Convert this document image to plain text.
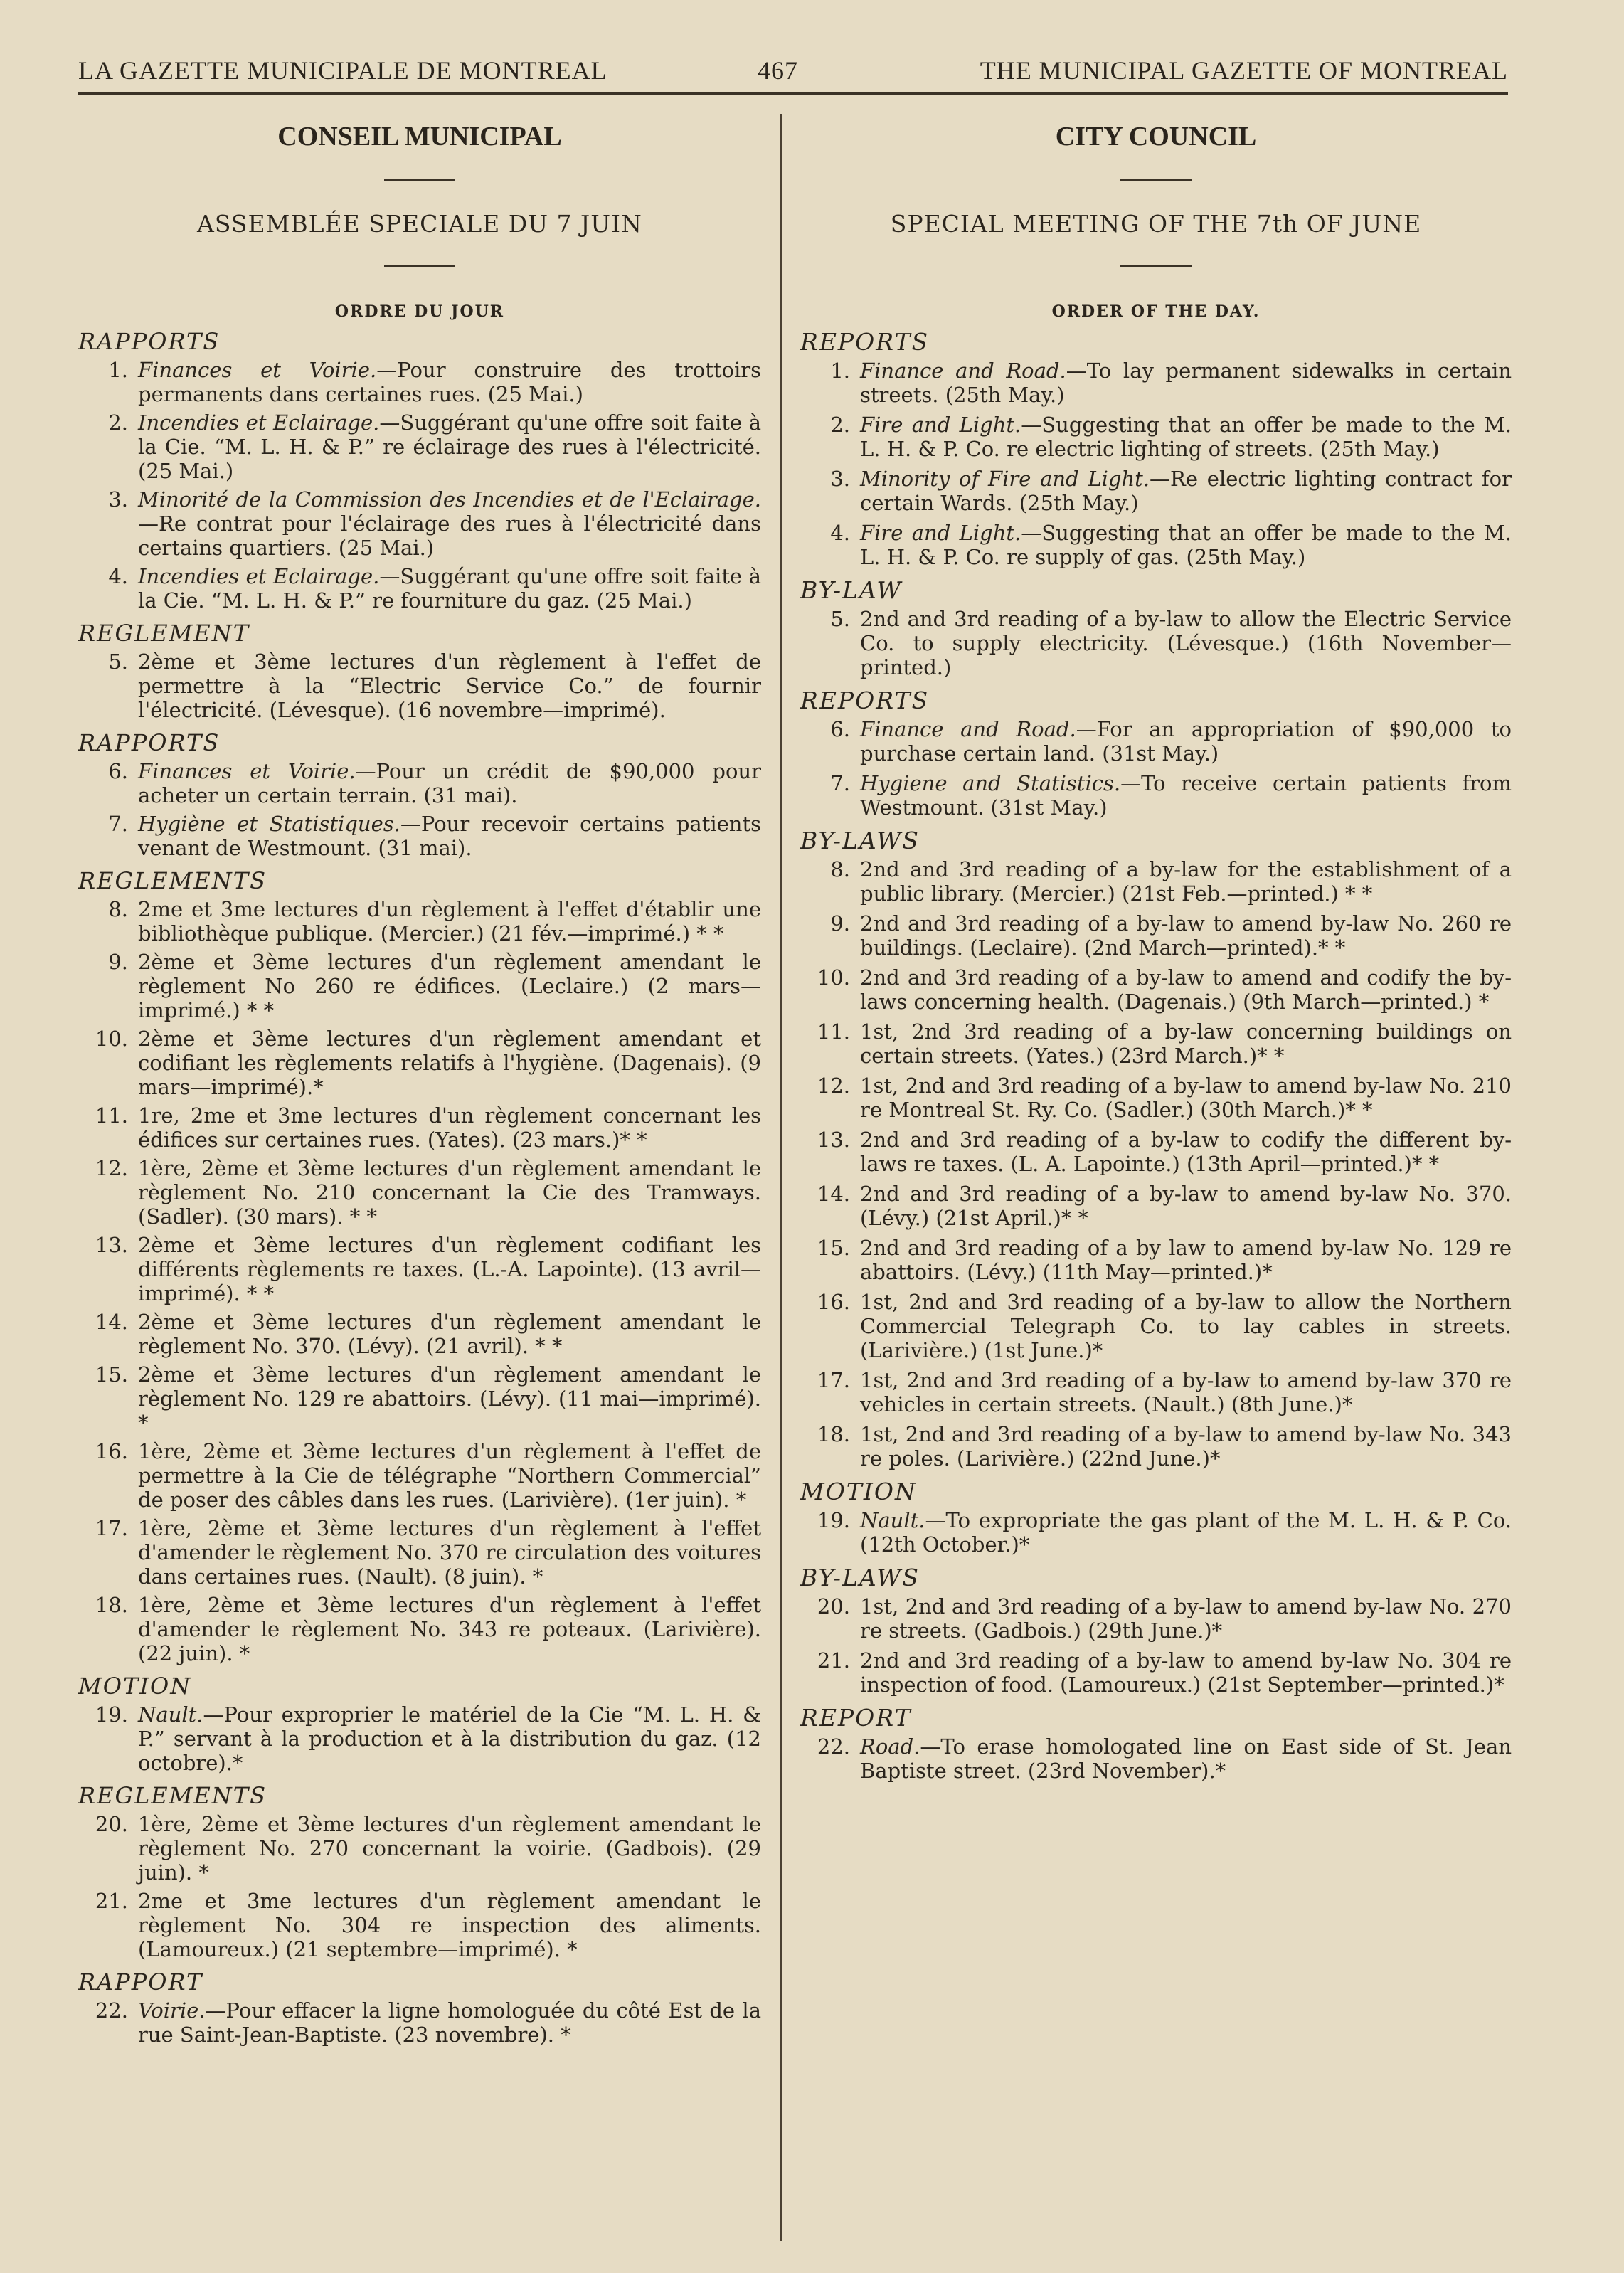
LA GAZETTE MUNICIPALE DE MONTREAL	467	THE MUNICIPAL GAZETTE OF MONTREAL
CONSEIL MUNICIPAL
ASSEMBLÉE SPECIALE DU 7 JUIN
ORDRE DU JOUR
RAPPORTS
1. Finances et Voirie.—Pour construire des trottoirs permanents dans certaines rues. (25 Mai.)
2. Incendies et Eclairage.—Suggérant qu'une offre soit faite à la Cie. “M. L. H. & P.” re éclairage des rues à l'électricité. (25 Mai.)
3. Minorité de la Commission des Incendies et de l'Eclairage.—Re contrat pour l'éclairage des rues à l'électricité dans certains quartiers. (25 Mai.)
4. Incendies et Eclairage.—Suggérant qu'une offre soit faite à la Cie. “M. L. H. & P.” re fourniture du gaz. (25 Mai.)
REGLEMENT
5. 2ème et 3ème lectures d'un règlement à l'effet de permettre à la “Electric Service Co.” de fournir l'électricité. (Lévesque). (16 novembre—imprimé).
RAPPORTS
6. Finances et Voirie.—Pour un crédit de $90,000 pour acheter un certain terrain. (31 mai).
7. Hygiène et Statistiques.—Pour recevoir certains patients venant de Westmount. (31 mai).
REGLEMENTS
8. 2me et 3me lectures d'un règlement à l'effet d'établir une bibliothèque publique. (Mercier.) (21 fév.—imprimé.) * *
9. 2ème et 3ème lectures d'un règlement amendant le règlement No 260 re édifices. (Leclaire.) (2 mars—imprimé.) * *
10. 2ème et 3ème lectures d'un règlement amendant et codifiant les règlements relatifs à l'hygiène. (Dagenais). (9 mars—imprimé).*
11. 1re, 2me et 3me lectures d'un règlement concernant les édifices sur certaines rues. (Yates). (23 mars.)* *
12. 1ère, 2ème et 3ème lectures d'un règlement amendant le règlement No. 210 concernant la Cie des Tramways. (Sadler). (30 mars). * *
13. 2ème et 3ème lectures d'un règlement codifiant les différents règlements re taxes. (L.-A. Lapointe). (13 avril—imprimé). * *
14. 2ème et 3ème lectures d'un règlement amendant le règlement No. 370. (Lévy). (21 avril). * *
15. 2ème et 3ème lectures d'un règlement amendant le règlement No. 129 re abattoirs. (Lévy). (11 mai—imprimé). *
16. 1ère, 2ème et 3ème lectures d'un règlement à l'effet de permettre à la Cie de télégraphe “Northern Commercial” de poser des câbles dans les rues. (Larivière). (1er juin). *
17. 1ère, 2ème et 3ème lectures d'un règlement à l'effet d'amender le règlement No. 370 re circulation des voitures dans certaines rues. (Nault). (8 juin). *
18. 1ère, 2ème et 3ème lectures d'un règlement à l'effet d'amender le règlement No. 343 re poteaux. (Larivière). (22 juin). *
MOTION
19. Nault.—Pour exproprier le matériel de la Cie “M. L. H. & P.” servant à la production et à la distribution du gaz. (12 octobre).*
REGLEMENTS
20. 1ère, 2ème et 3ème lectures d'un règlement amendant le règlement No. 270 concernant la voirie. (Gadbois). (29 juin). *
21. 2me et 3me lectures d'un règlement amendant le règlement No. 304 re inspection des aliments. (Lamoureux.) (21 septembre—imprimé). *
RAPPORT
22. Voirie.—Pour effacer la ligne homologuée du côté Est de la rue Saint-Jean-Baptiste. (23 novembre). *
CITY COUNCIL
SPECIAL MEETING OF THE 7th OF JUNE
ORDER OF THE DAY.
REPORTS
1. Finance and Road.—To lay permanent sidewalks in certain streets. (25th May.)
2. Fire and Light.—Suggesting that an offer be made to the M. L. H. & P. Co. re electric lighting of streets. (25th May.)
3. Minority of Fire and Light.—Re electric lighting contract for certain Wards. (25th May.)
4. Fire and Light.—Suggesting that an offer be made to the M. L. H. & P. Co. re supply of gas. (25th May.)
BY-LAW
5. 2nd and 3rd reading of a by-law to allow the Electric Service Co. to supply electricity. (Lévesque.) (16th November—printed.)
REPORTS
6. Finance and Road.—For an appropriation of $90,000 to purchase certain land. (31st May.)
7. Hygiene and Statistics.—To receive certain patients from Westmount. (31st May.)
BY-LAWS
8. 2nd and 3rd reading of a by-law for the establishment of a public library. (Mercier.) (21st Feb.—printed.) * *
9. 2nd and 3rd reading of a by-law to amend by-law No. 260 re buildings. (Leclaire). (2nd March—printed).* *
10. 2nd and 3rd reading of a by-law to amend and codify the by-laws concerning health. (Dagenais.) (9th March—printed.) *
11. 1st, 2nd 3rd reading of a by-law concerning buildings on certain streets. (Yates.) (23rd March.)* *
12. 1st, 2nd and 3rd reading of a by-law to amend by-law No. 210 re Montreal St. Ry. Co. (Sadler.) (30th March.)* *
13. 2nd and 3rd reading of a by-law to codify the different by-laws re taxes. (L. A. Lapointe.) (13th April—printed.)* *
14. 2nd and 3rd reading of a by-law to amend by-law No. 370. (Lévy.) (21st April.)* *
15. 2nd and 3rd reading of a by law to amend by-law No. 129 re abattoirs. (Lévy.) (11th May—printed.)*
16. 1st, 2nd and 3rd reading of a by-law to allow the Northern Commercial Telegraph Co. to lay cables in streets. (Larivière.) (1st June.)*
17. 1st, 2nd and 3rd reading of a by-law to amend by-law 370 re vehicles in certain streets. (Nault.) (8th June.)*
18. 1st, 2nd and 3rd reading of a by-law to amend by-law No. 343 re poles. (Larivière.) (22nd June.)*
MOTION
19. Nault.—To expropriate the gas plant of the M. L. H. & P. Co. (12th October.)*
BY-LAWS
20. 1st, 2nd and 3rd reading of a by-law to amend by-law No. 270 re streets. (Gadbois.) (29th June.)*
21. 2nd and 3rd reading of a by-law to amend by-law No. 304 re inspection of food. (Lamoureux.) (21st September—printed.)*
REPORT
22. Road.—To erase homologated line on East side of St. Jean Baptiste street. (23rd November).*
